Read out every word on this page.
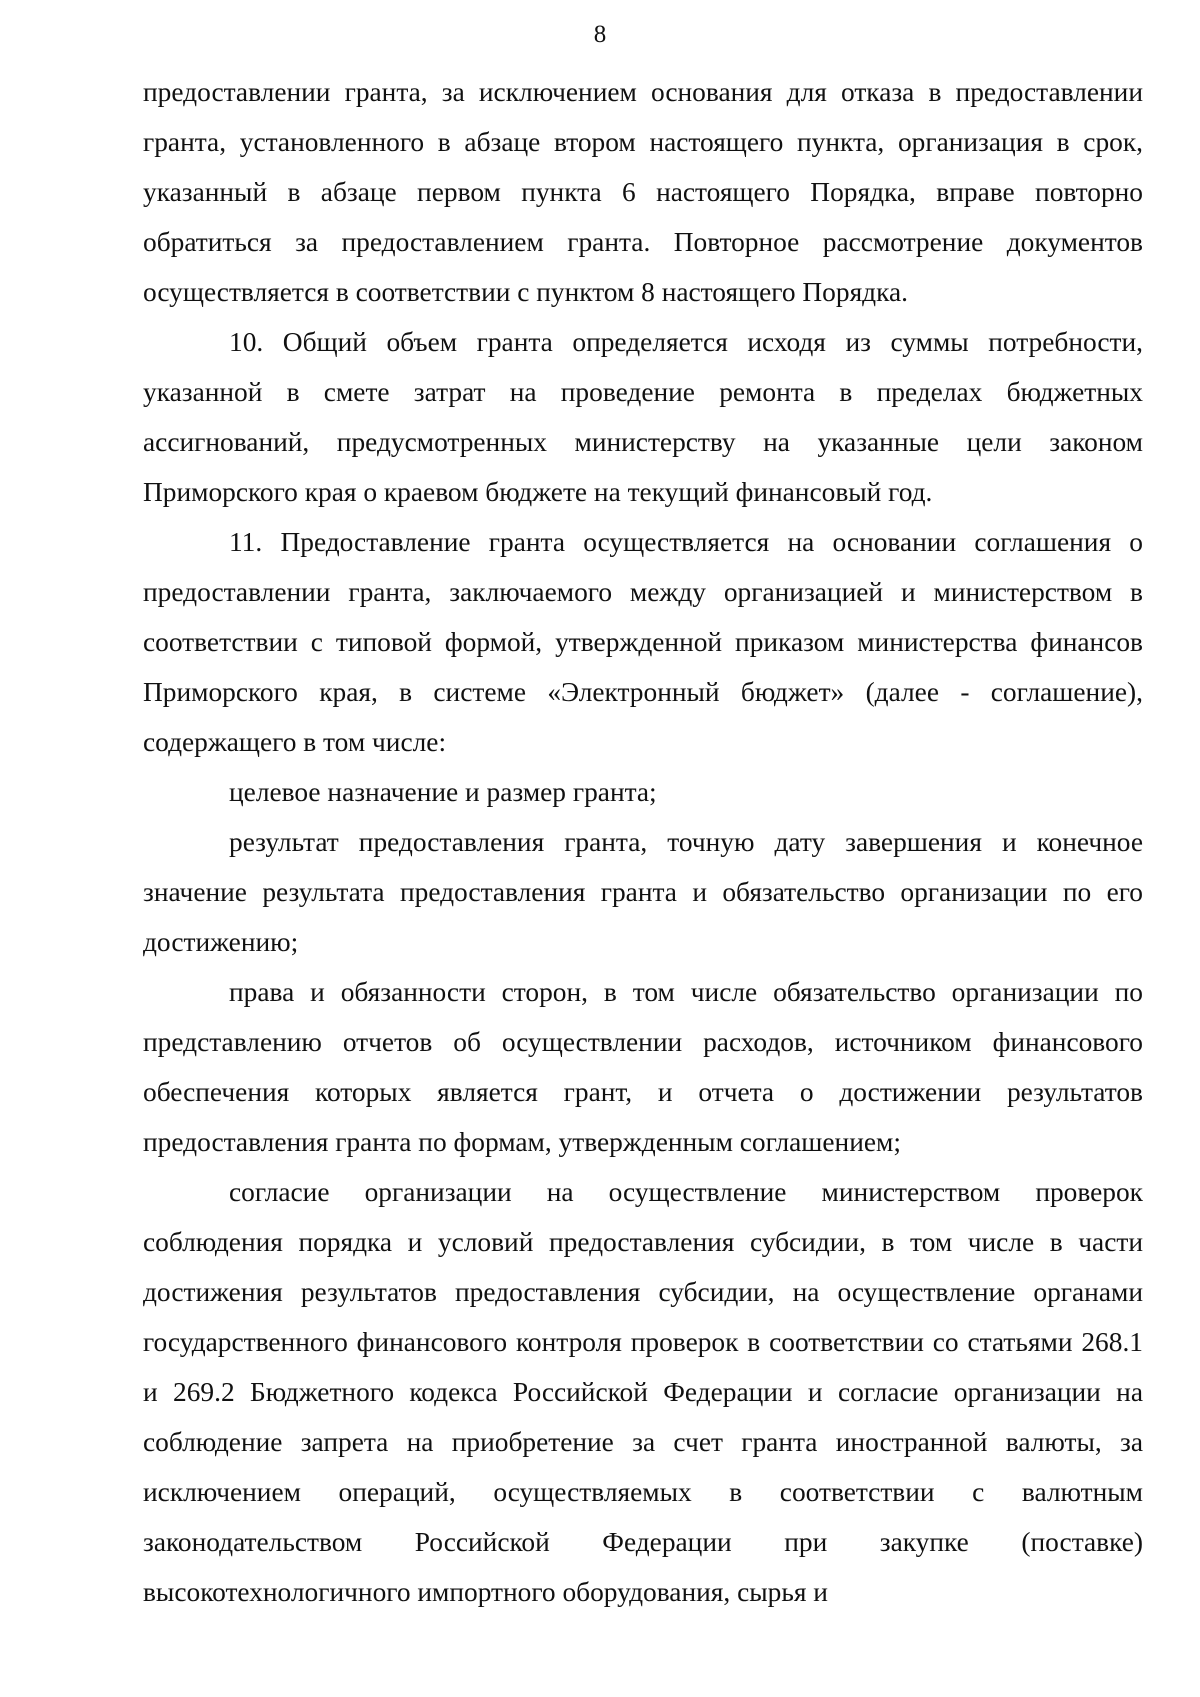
8

предоставлении гранта, за исключением основания для отказа в предоставлении гранта, установленного в абзаце втором настоящего пункта, организация в срок, указанный в абзаце первом пункта 6 настоящего Порядка, вправе повторно обратиться за предоставлением гранта. Повторное рассмотрение документов осуществляется в соответствии с пунктом 8 настоящего Порядка.

10. Общий объем гранта определяется исходя из суммы потребности, указанной в смете затрат на проведение ремонта в пределах бюджетных ассигнований, предусмотренных министерству на указанные цели законом Приморского края о краевом бюджете на текущий финансовый год.

11. Предоставление гранта осуществляется на основании соглашения о предоставлении гранта, заключаемого между организацией и министерством в соответствии с типовой формой, утвержденной приказом министерства финансов Приморского края, в системе «Электронный бюджет» (далее - соглашение), содержащего в том числе:

целевое назначение и размер гранта;

результат предоставления гранта, точную дату завершения и конечное значение результата предоставления гранта и обязательство организации по его достижению;

права и обязанности сторон, в том числе обязательство организации по представлению отчетов об осуществлении расходов, источником финансового обеспечения которых является грант, и отчета о достижении результатов предоставления гранта по формам, утвержденным соглашением;

согласие организации на осуществление министерством проверок соблюдения порядка и условий предоставления субсидии, в том числе в части достижения результатов предоставления субсидии, на осуществление органами государственного финансового контроля проверок в соответствии со статьями 268.1 и 269.2 Бюджетного кодекса Российской Федерации и согласие организации на соблюдение запрета на приобретение за счет гранта иностранной валюты, за исключением операций, осуществляемых в соответствии с валютным законодательством Российской Федерации при закупке (поставке) высокотехнологичного импортного оборудования, сырья и
